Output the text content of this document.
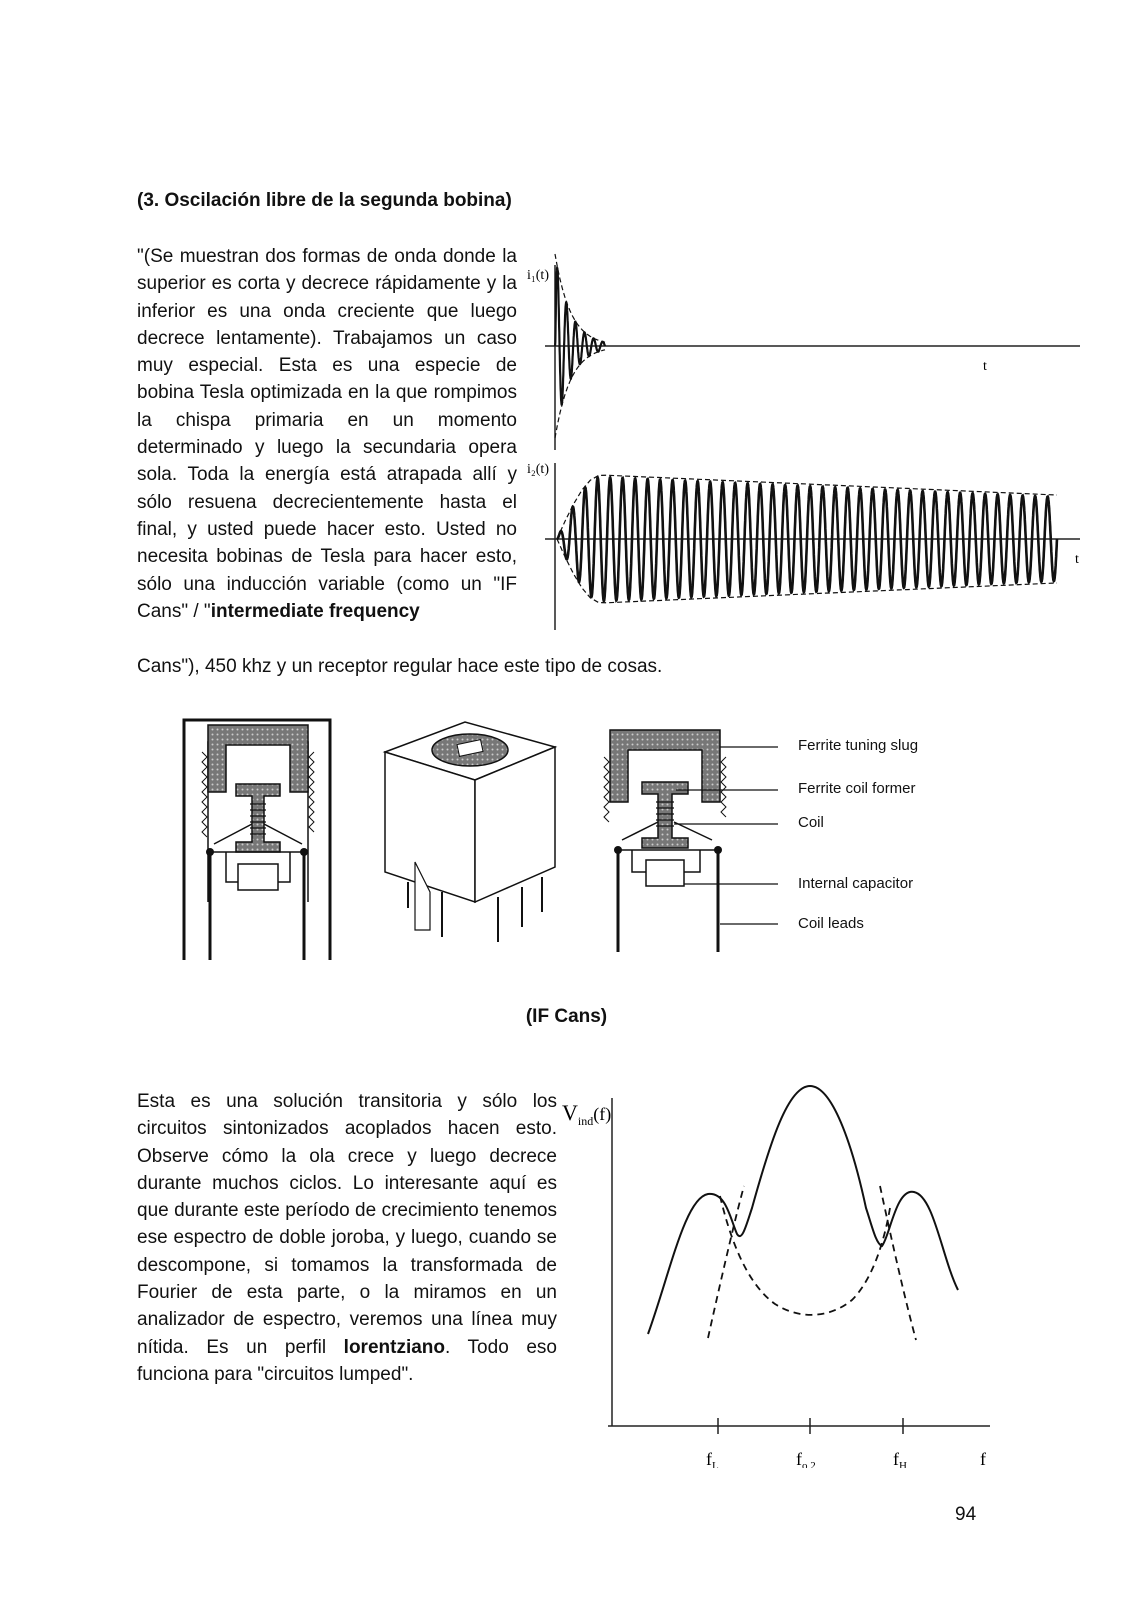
(3. Oscilación libre de la segunda bobina)
"(Se muestran dos formas de onda donde la superior es corta y decrece rápidamente y la inferior es una onda creciente que luego decrece lentamente). Trabajamos un caso muy especial. Esta es una especie de bobina Tesla optimizada en la que rompimos la chispa primaria en un momento determinado y luego la secundaria opera sola. Toda la energía está atrapada allí y sólo resuena decrecientemente hasta el final, y usted puede hacer esto. Usted no necesita bobinas de Tesla para hacer esto, sólo una inducción variable (como un "IF Cans" / "intermediate frequency
Cans"), 450 khz y un receptor regular hace este tipo de cosas.
i₁(t)
t
i₂(t)
t
Ferrite tuning slug
Ferrite coil former
Coil
Internal capacitor
Coil leads
(IF Cans)
Esta es una solución transitoria y sólo los circuitos sintonizados acoplados hacen esto. Observe cómo la ola crece y luego decrece durante muchos ciclos. Lo interesante aquí es que durante este período de crecimiento tenemos ese espectro de doble joroba, y luego, cuando se descompone, si tomamos la transformada de Fourier de esta parte, o la miramos en un analizador de espectro, veremos una línea muy nítida. Es un perfil lorentziano. Todo eso funciona para "circuitos lumped".
$V_{ind}^{(f)}$
$f_L$	$f_{o 2}$	$f_H$	f
94
